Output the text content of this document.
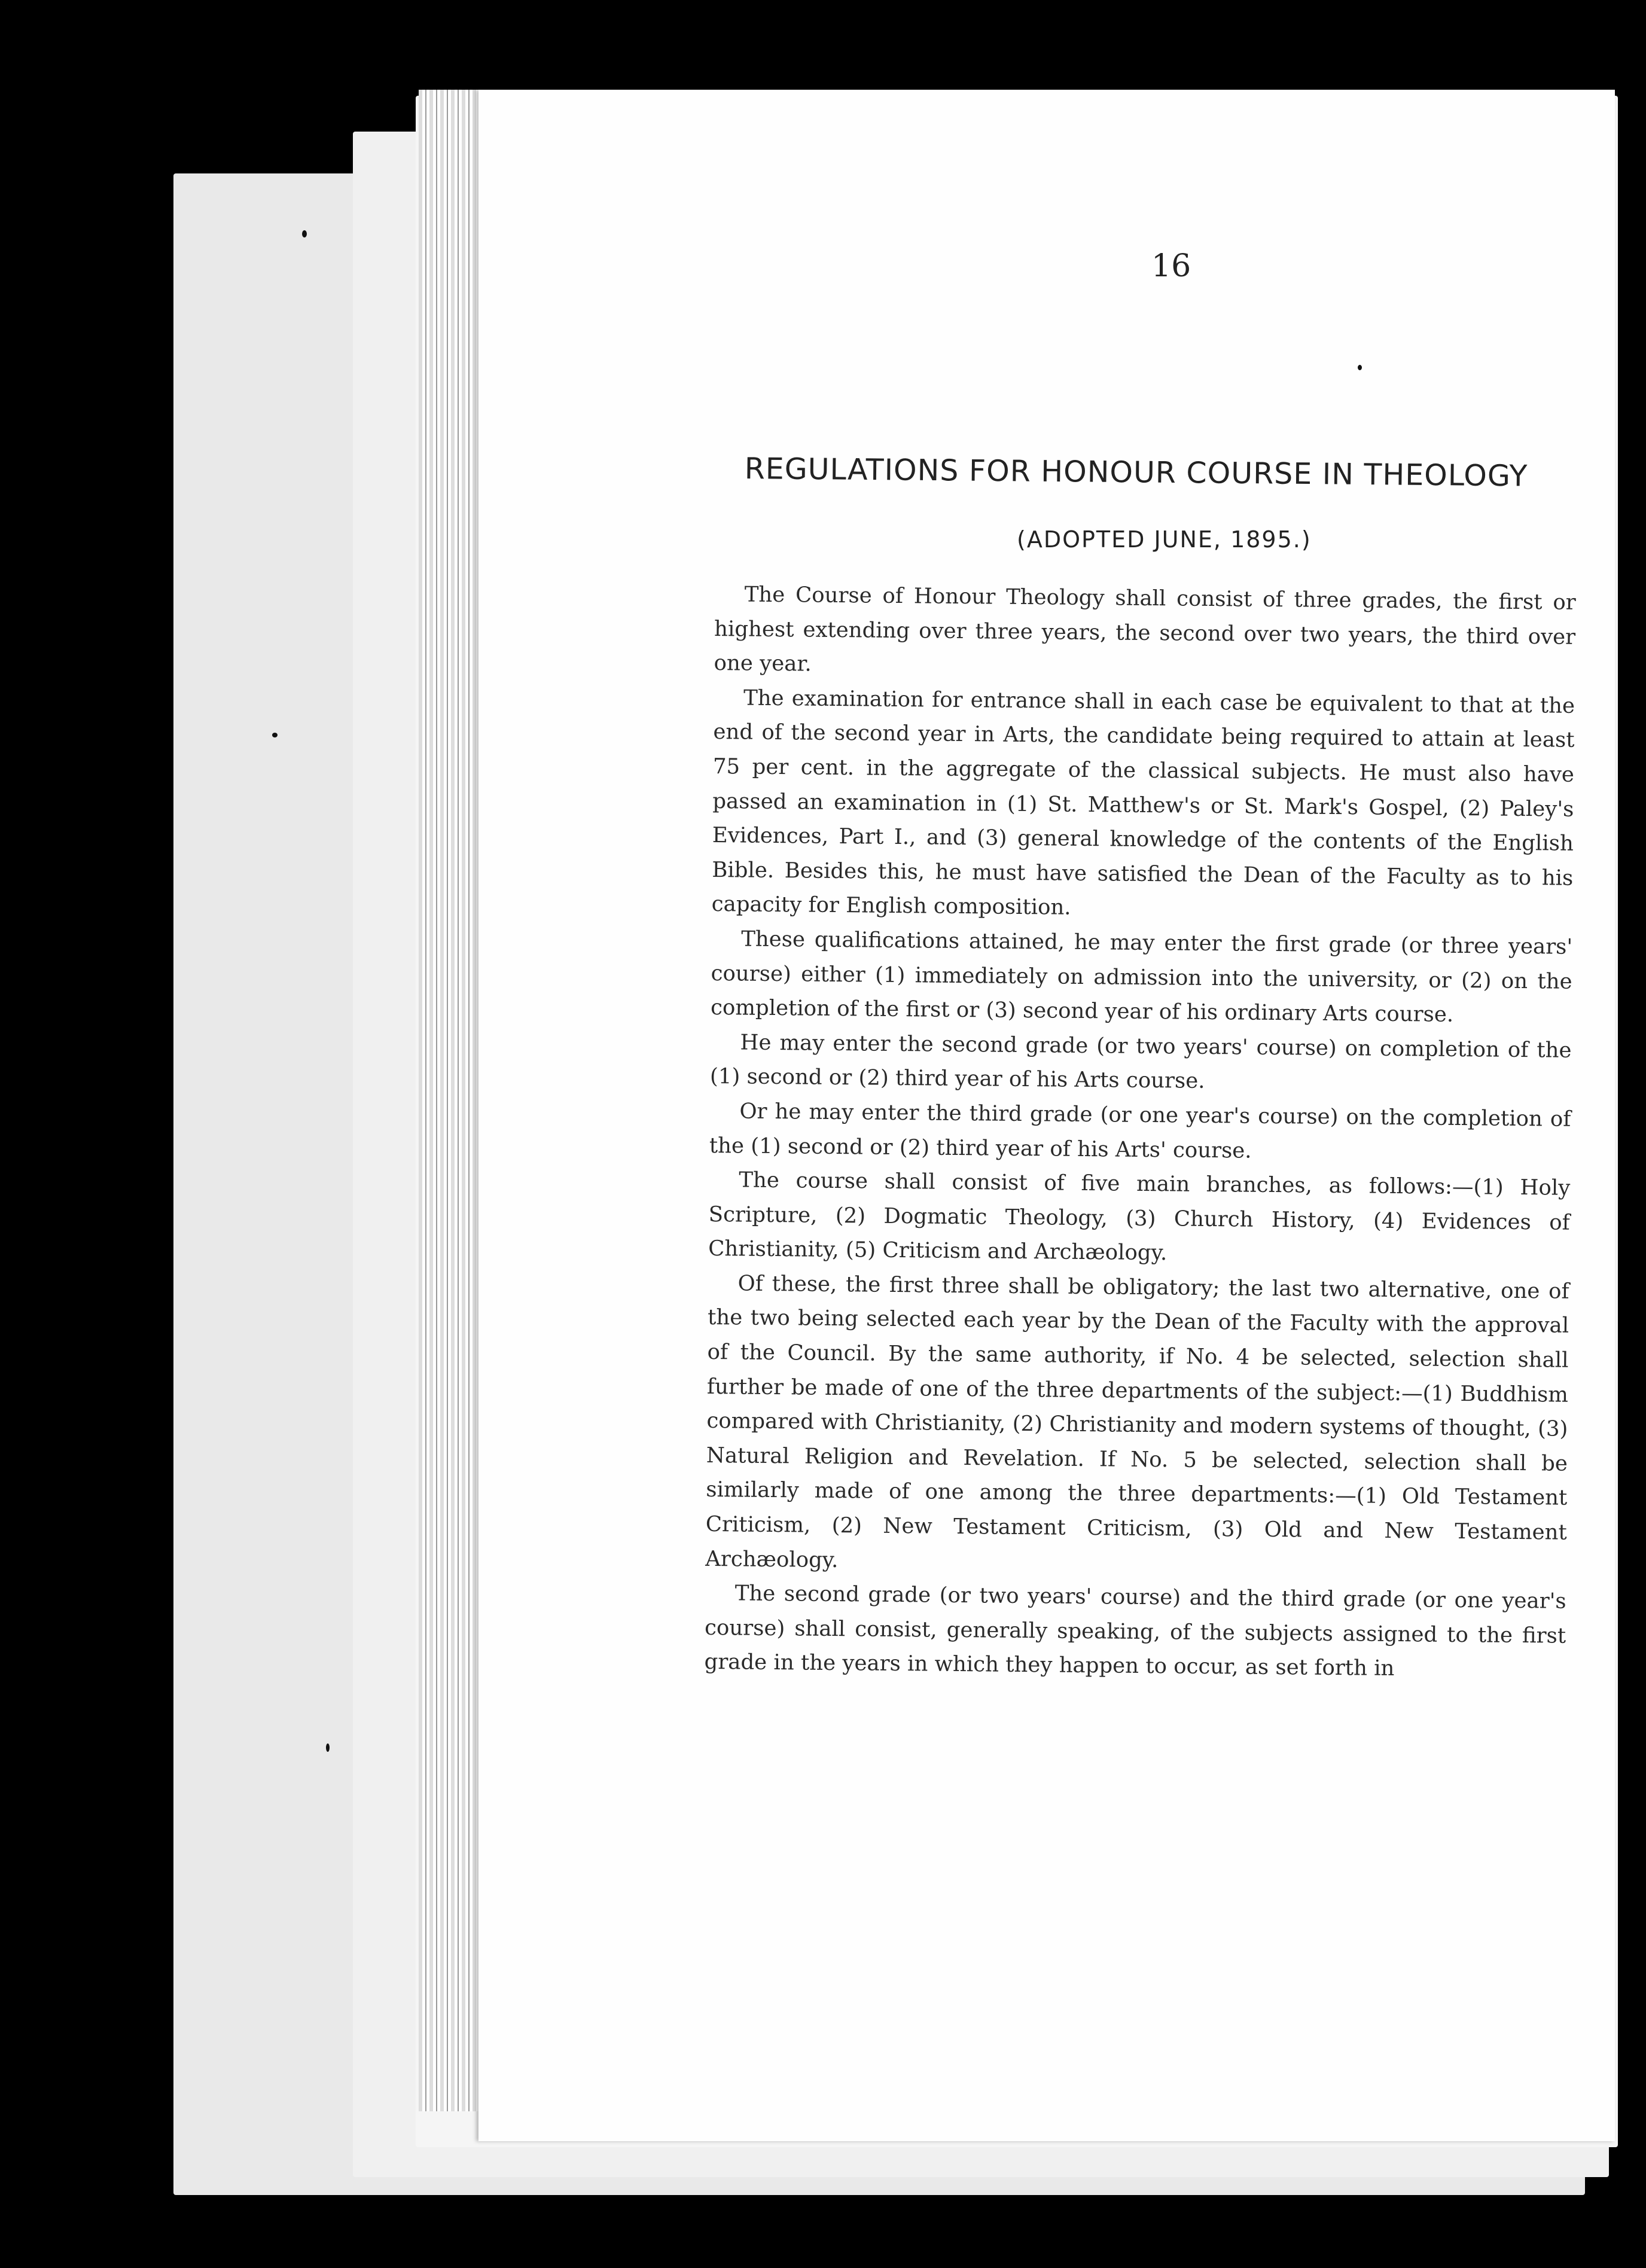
16
REGULATIONS FOR HONOUR COURSE IN THEOLOGY
(ADOPTED JUNE, 1895.)

The Course of Honour Theology shall consist of three grades, the first or highest extending over three years, the second over two years, the third over one year.

The examination for entrance shall in each case be equivalent to that at the end of the second year in Arts, the candidate being required to attain at least 75 per cent. in the aggregate of the classical subjects. He must also have passed an examination in (1) St. Matthew's or St. Mark's Gospel, (2) Paley's Evidences, Part I., and (3) general knowledge of the contents of the English Bible. Besides this, he must have satisfied the Dean of the Faculty as to his capacity for English composition.

These qualifications attained, he may enter the first grade (or three years' course) either (1) immediately on admission into the university, or (2) on the completion of the first or (3) second year of his ordinary Arts course.

He may enter the second grade (or two years' course) on completion of the (1) second or (2) third year of his Arts course.

Or he may enter the third grade (or one year's course) on the completion of the (1) second or (2) third year of his Arts' course.

The course shall consist of five main branches, as follows:—(1) Holy Scripture, (2) Dogmatic Theology, (3) Church History, (4) Evidences of Christianity, (5) Criticism and Archæology.

Of these, the first three shall be obligatory; the last two alternative, one of the two being selected each year by the Dean of the Faculty with the approval of the Council. By the same authority, if No. 4 be selected, selection shall further be made of one of the three departments of the subject:—(1) Buddhism compared with Christianity, (2) Christianity and modern systems of thought, (3) Natural Religion and Revelation. If No. 5 be selected, selection shall be similarly made of one among the three departments:—(1) Old Testament Criticism, (2) New Testament Criticism, (3) Old and New Testament Archæology.

The second grade (or two years' course) and the third grade (or one year's course) shall consist, generally speaking, of the subjects assigned to the first grade in the years in which they happen to occur, as set forth in
